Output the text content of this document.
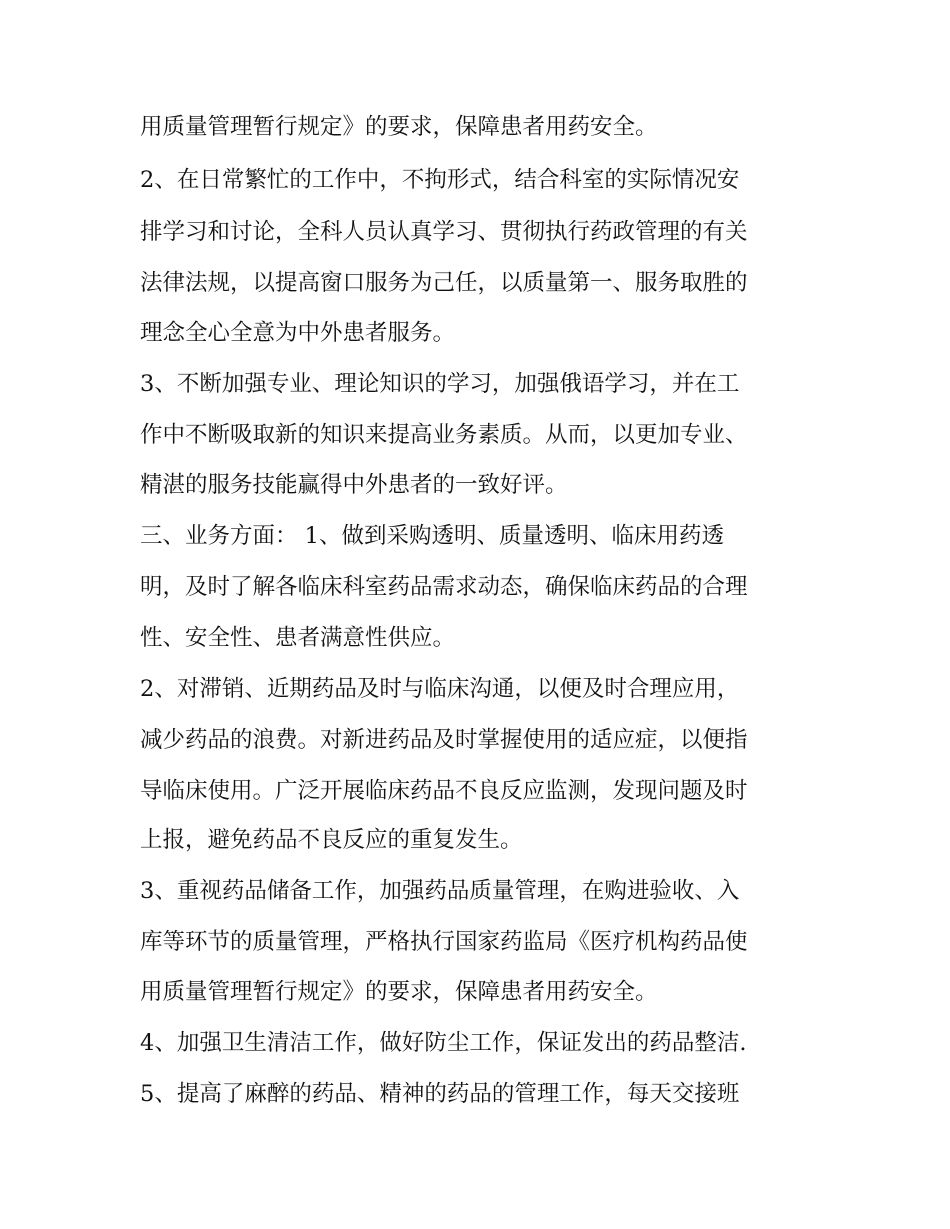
用质量管理暂行规定》的要求，保障患者用药安全。
2、在日常繁忙的工作中，不拘形式，结合科室的实际情况安
排学习和讨论，全科人员认真学习、贯彻执行药政管理的有关
法律法规，以提高窗口服务为己任，以质量第一、服务取胜的
理念全心全意为中外患者服务。
3、不断加强专业、理论知识的学习，加强俄语学习，并在工
作中不断吸取新的知识来提高业务素质。从而，以更加专业、
精湛的服务技能赢得中外患者的一致好评。
三、业务方面： 1、做到采购透明、质量透明、临床用药透
明，及时了解各临床科室药品需求动态，确保临床药品的合理
性、安全性、患者满意性供应。
2、对滞销、近期药品及时与临床沟通，以便及时合理应用，
减少药品的浪费。对新进药品及时掌握使用的适应症，以便指
导临床使用。广泛开展临床药品不良反应监测，发现问题及时
上报，避免药品不良反应的重复发生。
3、重视药品储备工作，加强药品质量管理，在购进验收、入
库等环节的质量管理，严格执行国家药监局《医疗机构药品使
用质量管理暂行规定》的要求，保障患者用药安全。
4、加强卫生清洁工作，做好防尘工作，保证发出的药品整洁.
5、提高了麻醉的药品、精神的药品的管理工作，每天交接班
